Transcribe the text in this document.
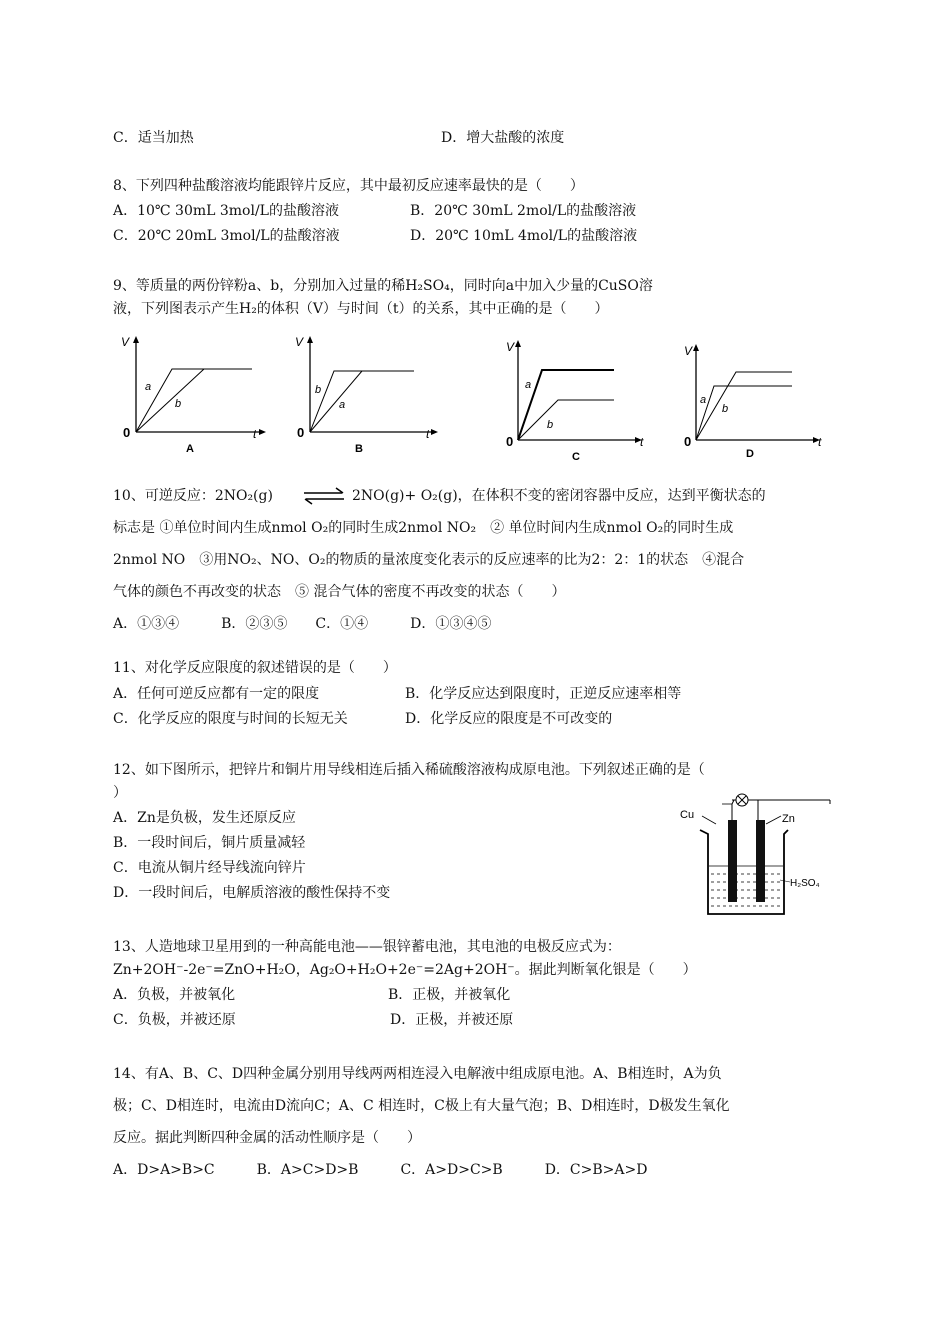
C．适当加热	D．增大盐酸的浓度
8、下列四种盐酸溶液均能跟锌片反应，其中最初反应速率最快的是（　　）
A．10℃ 30mL 3mol/L的盐酸溶液	B．20℃ 30mL 2mol/L的盐酸溶液
C．20℃ 20mL 3mol/L的盐酸溶液	D．20℃ 10mL 4mol/L的盐酸溶液
9、等质量的两份锌粉a、b，分别加入过量的稀H₂SO₄，同时向a中加入少量的CuSO溶
液，下列图表示产生H₂的体积（V）与时间（t）的关系，其中正确的是（　　）
V
t
0
a
b
A
V
t
0
b
a
B
V
t
0
a
b
C
V
t
0
a
b
D
10、可逆反应：2NO₂(g) ⇌ 2NO(g)+ O₂(g)，在体积不变的密闭容器中反应，达到平衡状态的
标志是 ①单位时间内生成nmol O₂的同时生成2nmol NO₂　② 单位时间内生成nmol O₂的同时生成
2nmol NO　③用NO₂、NO、O₂的物质的量浓度变化表示的反应速率的比为2：2：1的状态　④混合
气体的颜色不再改变的状态　⑤ 混合气体的密度不再改变的状态（　　）
A．①③④　　　B．②③⑤　　C．①④　　　D．①③④⑤
11、对化学反应限度的叙述错误的是（　　）
A．任何可逆反应都有一定的限度	B．化学反应达到限度时，正逆反应速率相等
C．化学反应的限度与时间的长短无关	D．化学反应的限度是不可改变的
12、如下图所示，把锌片和铜片用导线相连后插入稀硫酸溶液构成原电池。下列叙述正确的是（
）
A．Zn是负极，发生还原反应
B．一段时间后，铜片质量减轻
C．电流从铜片经导线流向锌片
D．一段时间后，电解质溶液的酸性保持不变
Cu	Zn
H₂SO₄
13、人造地球卫星用到的一种高能电池——银锌蓄电池，其电池的电极反应式为：
Zn+2OH⁻-2e⁻=ZnO+H₂O，Ag₂O+H₂O+2e⁻=2Ag+2OH⁻。据此判断氧化银是（　　）
A．负极，并被氧化	B．正极，并被氧化
C．负极，并被还原	D．正极，并被还原
14、有A、B、C、D四种金属分别用导线两两相连浸入电解液中组成原电池。A、B相连时，A为负
极；C、D相连时，电流由D流向C；A、C 相连时，C极上有大量气泡；B、D相连时，D极发生氧化
反应。据此判断四种金属的活动性顺序是（　　）
A．D>A>B>C　　　B．A>C>D>B　　　C．A>D>C>B　　　D．C>B>A>D
